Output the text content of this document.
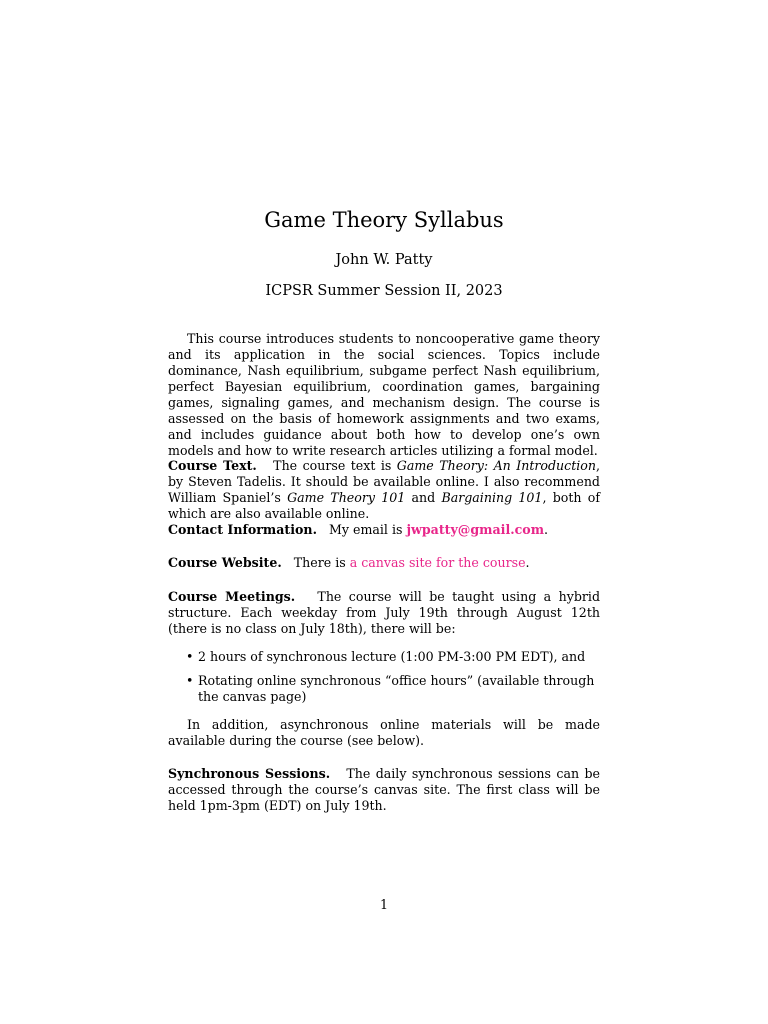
Game Theory Syllabus
John W. Patty
ICPSR Summer Session II, 2023

This course introduces students to noncooperative game theory and its application in the social sciences. Topics include dominance, Nash equilibrium, subgame perfect Nash equilibrium, perfect Bayesian equilibrium, coordination games, bargaining games, signaling games, and mechanism design. The course is assessed on the basis of homework assignments and two exams, and includes guidance about both how to develop one’s own models and how to write research articles utilizing a formal model.

Course Text. The course text is Game Theory: An Introduction, by Steven Tadelis. It should be available online. I also recommend William Spaniel’s Game Theory 101 and Bargaining 101, both of which are also available online.

Contact Information. My email is jwpatty@gmail.com.

Course Website. There is a canvas site for the course.

Course Meetings. The course will be taught using a hybrid structure. Each weekday from July 19th through August 12th (there is no class on July 18th), there will be:

• 2 hours of synchronous lecture (1:00 PM-3:00 PM EDT), and
• Rotating online synchronous “office hours” (available through the canvas page)

In addition, asynchronous online materials will be made available during the course (see below).

Synchronous Sessions. The daily synchronous sessions can be accessed through the course’s canvas site. The first class will be held 1pm-3pm (EDT) on July 19th.

1
